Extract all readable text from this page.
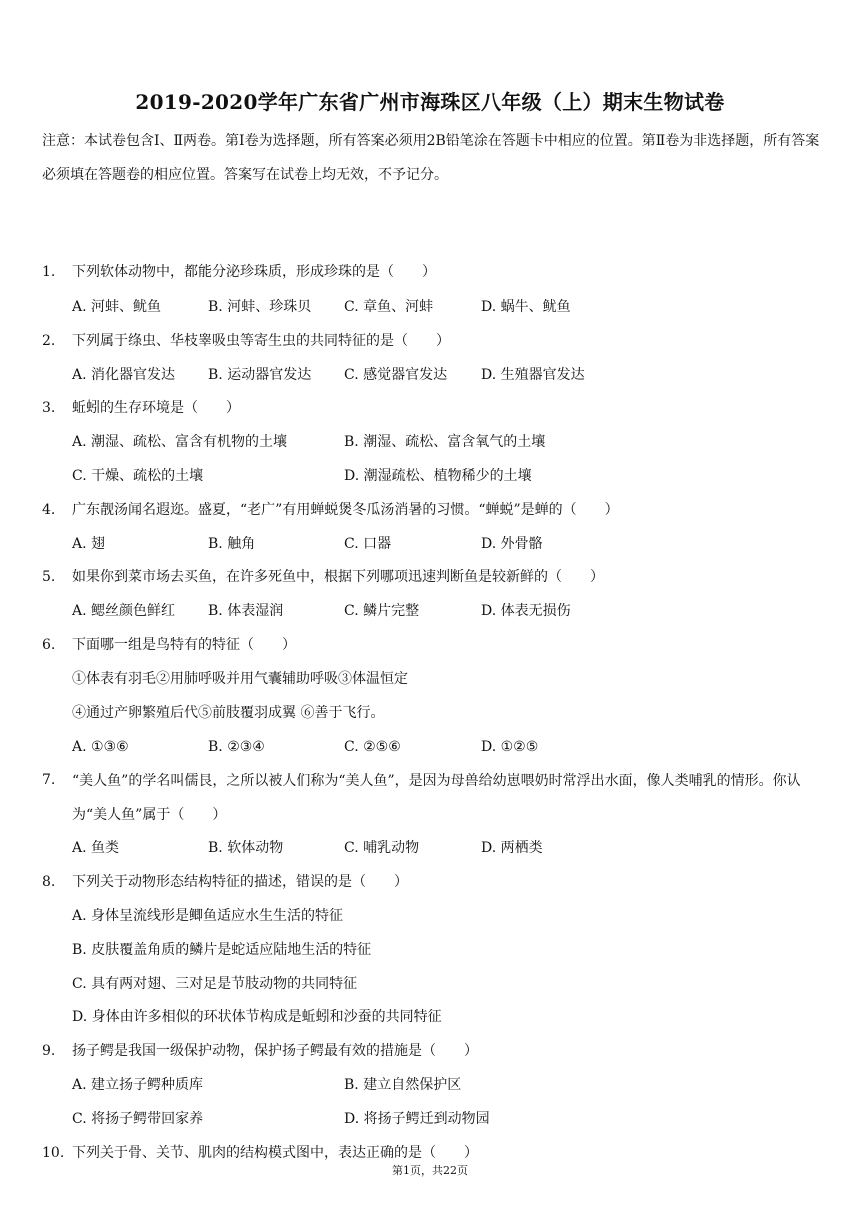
2019-2020学年广东省广州市海珠区八年级（上）期末生物试卷
注意：本试卷包含Ⅰ、Ⅱ两卷。第Ⅰ卷为选择题，所有答案必须用2B铅笔涂在答题卡中相应的位置。第Ⅱ卷为非选择题，所有答案必须填在答题卷的相应位置。答案写在试卷上均无效，不予记分。
1.	下列软体动物中，都能分泌珍珠质，形成珍珠的是（　　）
A. 河蚌、鱿鱼	B. 河蚌、珍珠贝 C. 章鱼、河蚌	D. 蜗牛、鱿鱼
2.	下列属于绦虫、华枝睾吸虫等寄生虫的共同特征的是（　　）
A. 消化器官发达 B. 运动器官发达 C. 感觉器官发达 D. 生殖器官发达
3.	蚯蚓的生存环境是（　　）
A. 潮湿、疏松、富含有机物的土壤	B. 潮湿、疏松、富含氧气的土壤
C. 干燥、疏松的土壤	D. 潮湿疏松、植物稀少的土壤
4.	广东靓汤闻名遐迩。盛夏，“老广”有用蝉蜕煲冬瓜汤消暑的习惯。“蝉蜕”是蝉的（　　）
A. 翅	B. 触角	C. 口器	D. 外骨骼
5.	如果你到菜市场去买鱼，在许多死鱼中，根据下列哪项迅速判断鱼是较新鲜的（　　）
A. 鳃丝颜色鲜红 B. 体表湿润	C. 鳞片完整	D. 体表无损伤
6.	下面哪一组是鸟特有的特征（　　）
①体表有羽毛②用肺呼吸并用气囊辅助呼吸③体温恒定
④通过产卵繁殖后代⑤前肢覆羽成翼 ⑥善于飞行。
A. ①③⑥	B. ②③④	C. ②⑤⑥	D. ①②⑤
7.	“美人鱼”的学名叫儒艮，之所以被人们称为“美人鱼”，是因为母兽给幼崽喂奶时常浮出水面，像人类哺乳的情形。你认为“美人鱼”属于（　　）
A. 鱼类	B. 软体动物	C. 哺乳动物	D. 两栖类
8.	下列关于动物形态结构特征的描述，错误的是（　　）
A. 身体呈流线形是鲫鱼适应水生生活的特征
B. 皮肤覆盖角质的鳞片是蛇适应陆地生活的特征
C. 具有两对翅、三对足是节肢动物的共同特征
D. 身体由许多相似的环状体节构成是蚯蚓和沙蚕的共同特征
9.	扬子鳄是我国一级保护动物，保护扬子鳄最有效的措施是（　　）
A. 建立扬子鳄种质库	B. 建立自然保护区
C. 将扬子鳄带回家养	D. 将扬子鳄迁到动物园
10. 下列关于骨、关节、肌肉的结构模式图中，表达正确的是（　　）
第1页，共22页
